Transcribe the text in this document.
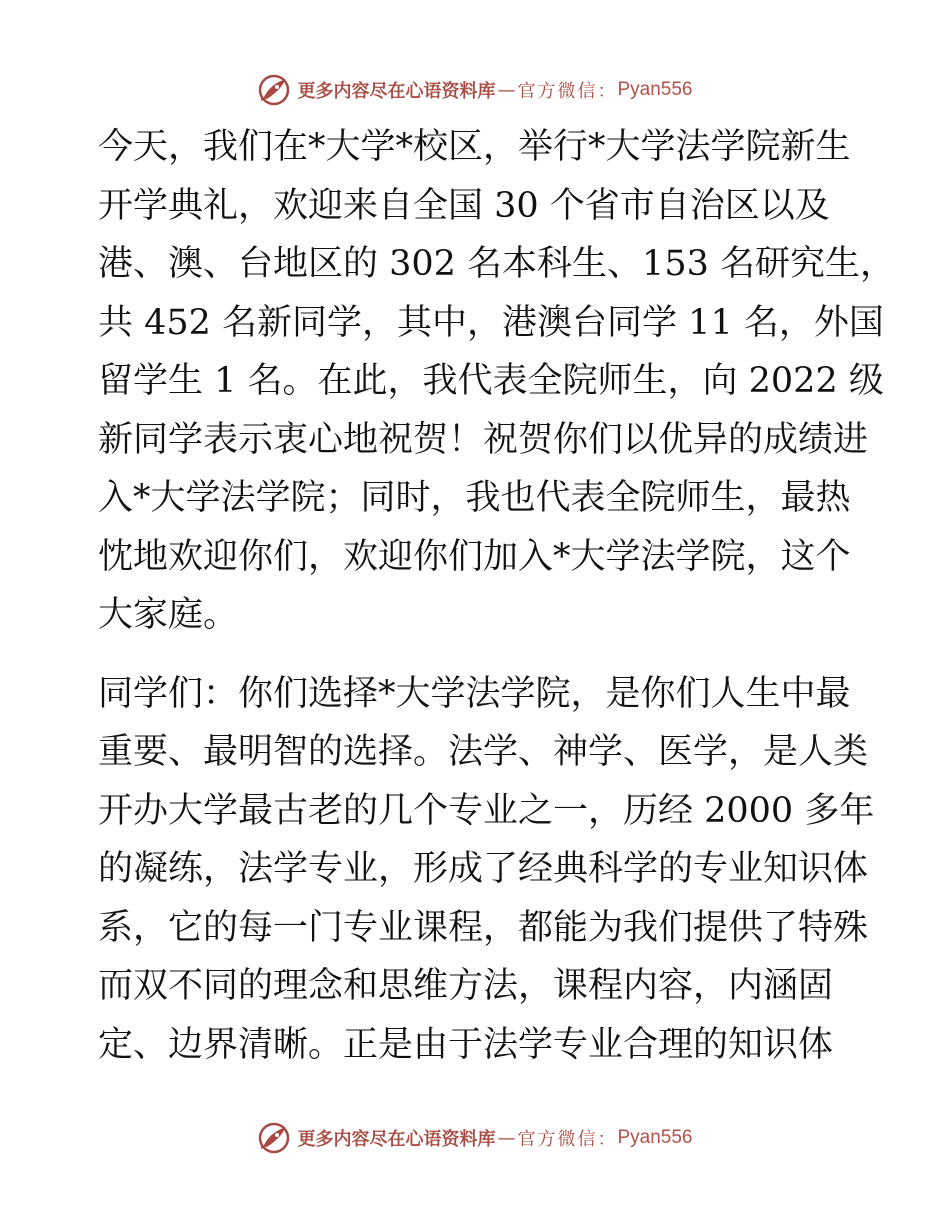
更多内容尽在心语资料库 — 官方微信： Pyan556
今天，我们在*大学*校区，举行*大学法学院新生
开学典礼，欢迎来自全国 30 个省市自治区以及
港、澳、台地区的 302 名本科生、153 名研究生，
共 452 名新同学，其中，港澳台同学 11 名，外国
留学生 1 名。在此，我代表全院师生，向 2022 级
新同学表示衷心地祝贺！祝贺你们以优异的成绩进
入*大学法学院；同时，我也代表全院师生，最热
忱地欢迎你们，欢迎你们加入*大学法学院，这个
大家庭。
同学们：你们选择*大学法学院，是你们人生中最
重要、最明智的选择。法学、神学、医学，是人类
开办大学最古老的几个专业之一，历经 2000 多年
的凝练，法学专业，形成了经典科学的专业知识体
系，它的每一门专业课程，都能为我们提供了特殊
而双不同的理念和思维方法，课程内容，内涵固
定、边界清晰。正是由于法学专业合理的知识体
更多内容尽在心语资料库 — 官方微信： Pyan556
